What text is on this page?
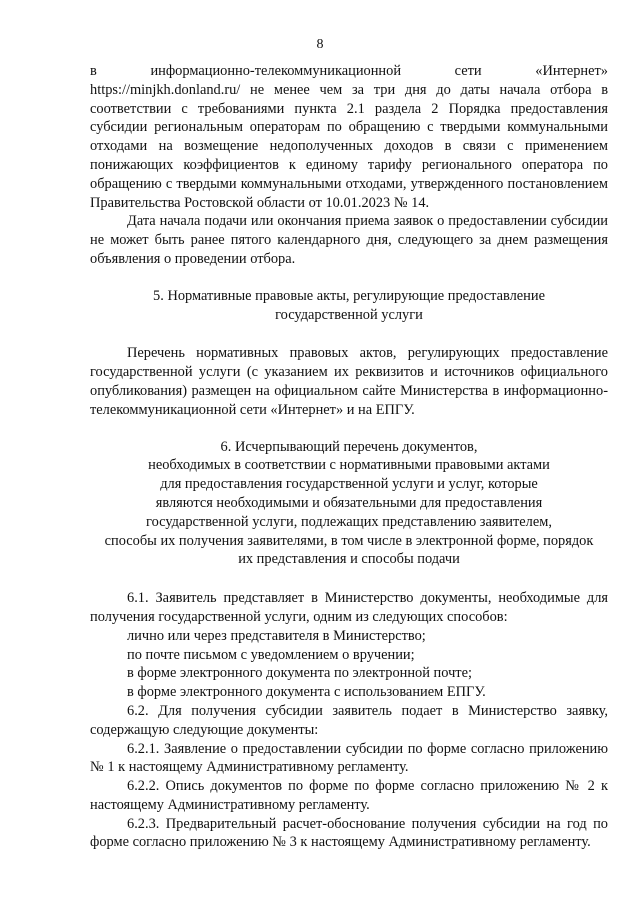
8

в информационно-телекоммуникационной сети «Интернет»

https://minjkh.donland.ru/ не менее чем за три дня до даты начала отбора в соответствии с требованиями пункта 2.1 раздела 2 Порядка предоставления субсидии региональным операторам по обращению с твердыми коммунальными отходами на возмещение недополученных доходов в связи с применением понижающих коэффициентов к единому тарифу регионального оператора по обращению с твердыми коммунальными отходами, утвержденного постановлением Правительства Ростовской области от 10.01.2023 № 14.

Дата начала подачи или окончания приема заявок о предоставлении субсидии не может быть ранее пятого календарного дня, следующего за днем размещения объявления о проведении отбора.

5. Нормативные правовые акты, регулирующие предоставление
государственной услуги

Перечень нормативных правовых актов, регулирующих предоставление государственной услуги (с указанием их реквизитов и источников официального опубликования) размещен на официальном сайте Министерства в информационно-телекоммуникационной сети «Интернет» и на ЕПГУ.

6. Исчерпывающий перечень документов,
необходимых в соответствии с нормативными правовыми актами
для предоставления государственной услуги и услуг, которые
являются необходимыми и обязательными для предоставления
государственной услуги, подлежащих представлению заявителем,
способы их получения заявителями, в том числе в электронной форме, порядок
их представления и способы подачи

6.1. Заявитель представляет в Министерство документы, необходимые для получения государственной услуги, одним из следующих способов:

лично или через представителя в Министерство;

по почте письмом с уведомлением о вручении;

в форме электронного документа по электронной почте;

в форме электронного документа с использованием ЕПГУ.

6.2. Для получения субсидии заявитель подает в Министерство заявку, содержащую следующие документы:

6.2.1. Заявление о предоставлении субсидии по форме согласно приложению № 1 к настоящему Административному регламенту.

6.2.2. Опись документов по форме по форме согласно приложению № 2 к настоящему Административному регламенту.

6.2.3. Предварительный расчет-обоснование получения субсидии на год по форме согласно приложению № 3 к настоящему Административному регламенту.
